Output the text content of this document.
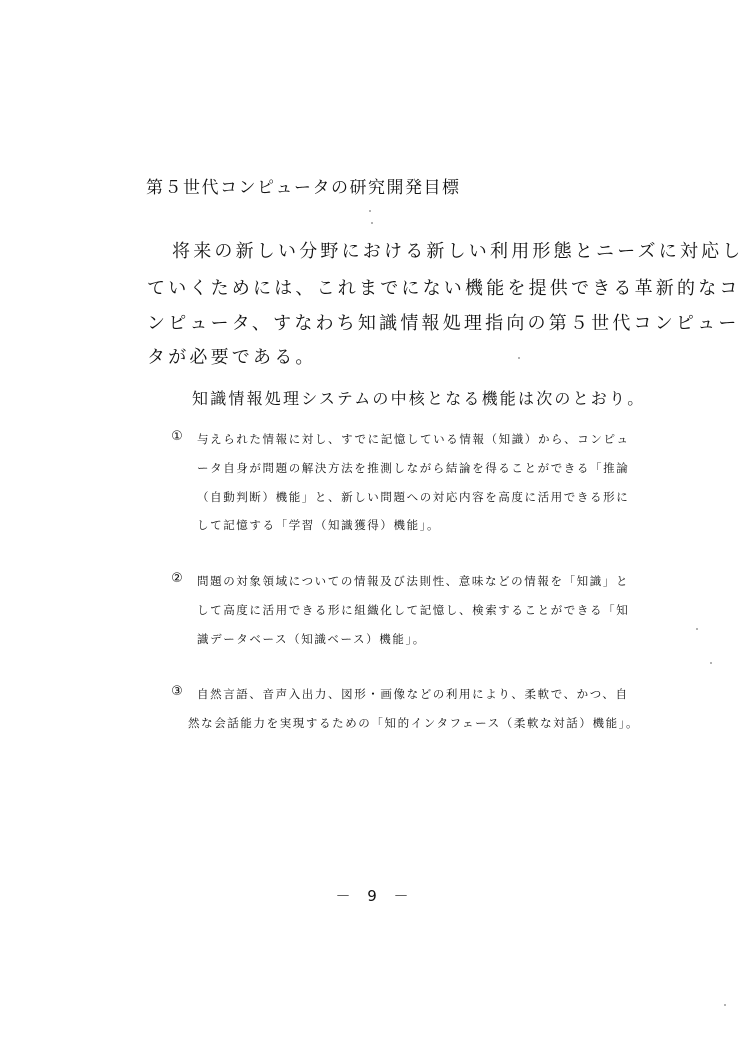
第５世代コンピュータの研究開発目標
将来の新しい分野における新しい利用形態とニーズに対応し
ていくためには、これまでにない機能を提供できる革新的なコ
ンピュータ、すなわち知識情報処理指向の第５世代コンピュー
タが必要である。
知識情報処理システムの中核となる機能は次のとおり。
① 与えられた情報に対し、すでに記憶している情報（知識）から、コンピュ
ータ自身が問題の解決方法を推測しながら結論を得ることができる「推論
（自動判断）機能」と、新しい問題への対応内容を高度に活用できる形に
して記憶する「学習（知識獲得）機能」。
② 問題の対象領域についての情報及び法則性、意味などの情報を「知識」と
して高度に活用できる形に組織化して記憶し、検索することができる「知
識データベース（知識ベース）機能」。
③ 自然言語、音声入出力、図形・画像などの利用により、柔軟で、かつ、自
然な会話能力を実現するための「知的インタフェース（柔軟な対話）機能」。
－ 9 －
